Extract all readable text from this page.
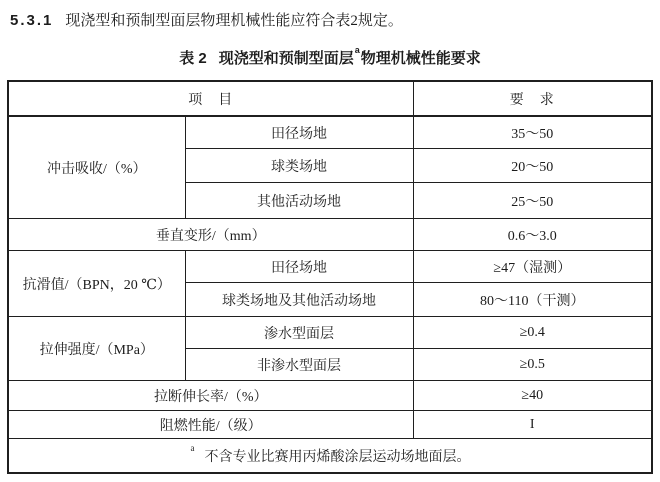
5.3.1 现浇型和预制型面层物理机械性能应符合表2规定。

表 2 现浇型和预制型面层$^a$物理机械性能要求

项　目		要　求
冲击吸收/（%）	田径场地	35～50
	球类场地	20～50
	其他活动场地	25～50
垂直变形/（mm）		0.6～3.0
抗滑值/（BPN，20 ℃）	田径场地	≥47（湿测）
	球类场地及其他活动场地	80～110（干测）
拉伸强度/（MPa）	渗水型面层	≥0.4
	非渗水型面层	≥0.5
拉断伸长率/（%）		≥40
阻燃性能/（级）		I
$^a$不含专业比赛用丙烯酸涂层运动场地面层。		
